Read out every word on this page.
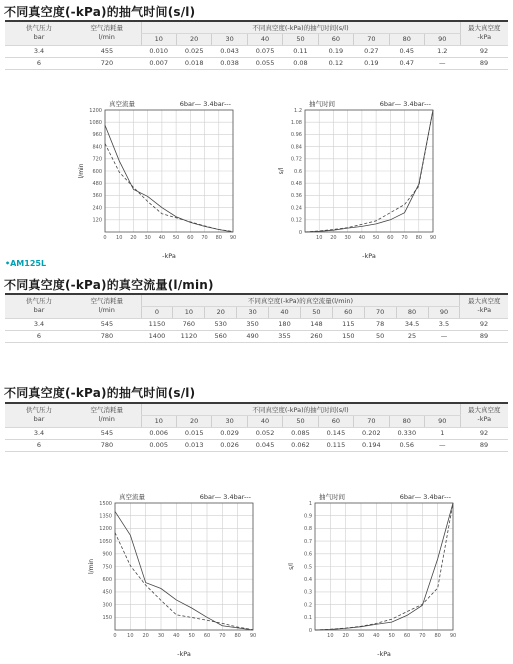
不同真空度(-kPa)的抽气时间(s/l)
供气压力
bar	空气消耗量
l/min	不同真空度(-kPa)的抽气时间(s/l)									最大真空度
-kPa
		10	20	30	40	50	60	70	80	90	
3.4	455	0.010	0.025	0.043	0.075	0.11	0.19	0.27	0.45	1.2	92
6	720	0.007	0.018	0.038	0.055	0.08	0.12	0.19	0.47	—	89
0 10 20 30 40 50 60 70 80 90
120
240
360
480
600
720
840
960
1080
1200
真空流量	6bar— 3.4bar---
l/min
-kPa
10 20 30 40 50 60 70 80 90
0
0.12
0.24
0.36
0.48
0.6
0.72
0.84
0.96
1.08
1.2
抽气时间	6bar— 3.4bar---
s/l
-kPa
•AM125L
不同真空度(-kPa)的真空流量(l/min)
供气压力
bar	空气消耗量
l/min	不同真空度(-kPa)的真空流量(l/min)										最大真空度
-kPa
		0	10	20	30	40	50	60	70	80	90	
3.4	545	1150	760	530	350	180	148	115	78	34.5	3.5	92
6	780	1400	1120	560	490	355	260	150	50	25	—	89
不同真空度(-kPa)的抽气时间(s/l)
供气压力
bar	空气消耗量
l/min	不同真空度(-kPa)的抽气时间(s/l)									最大真空度
-kPa
		10	20	30	40	50	60	70	80	90	
3.4	545	0.006	0.015	0.029	0.052	0.085	0.145	0.202	0.330	1	92
6	780	0.005	0.013	0.026	0.045	0.062	0.115	0.194	0.56	—	89
0 10 20 30 40 50 60 70 80 90
150
300
450
600
750
900
1050
1200
1350
1500
真空流量	6bar— 3.4bar---
l/min
-kPa
10 20 30 40 50 60 70 80 90
0
0.1
0.2
0.3
0.4
0.5
0.6
0.7
0.8
0.9
1
抽气时间	6bar— 3.4bar---
s/l
-kPa
